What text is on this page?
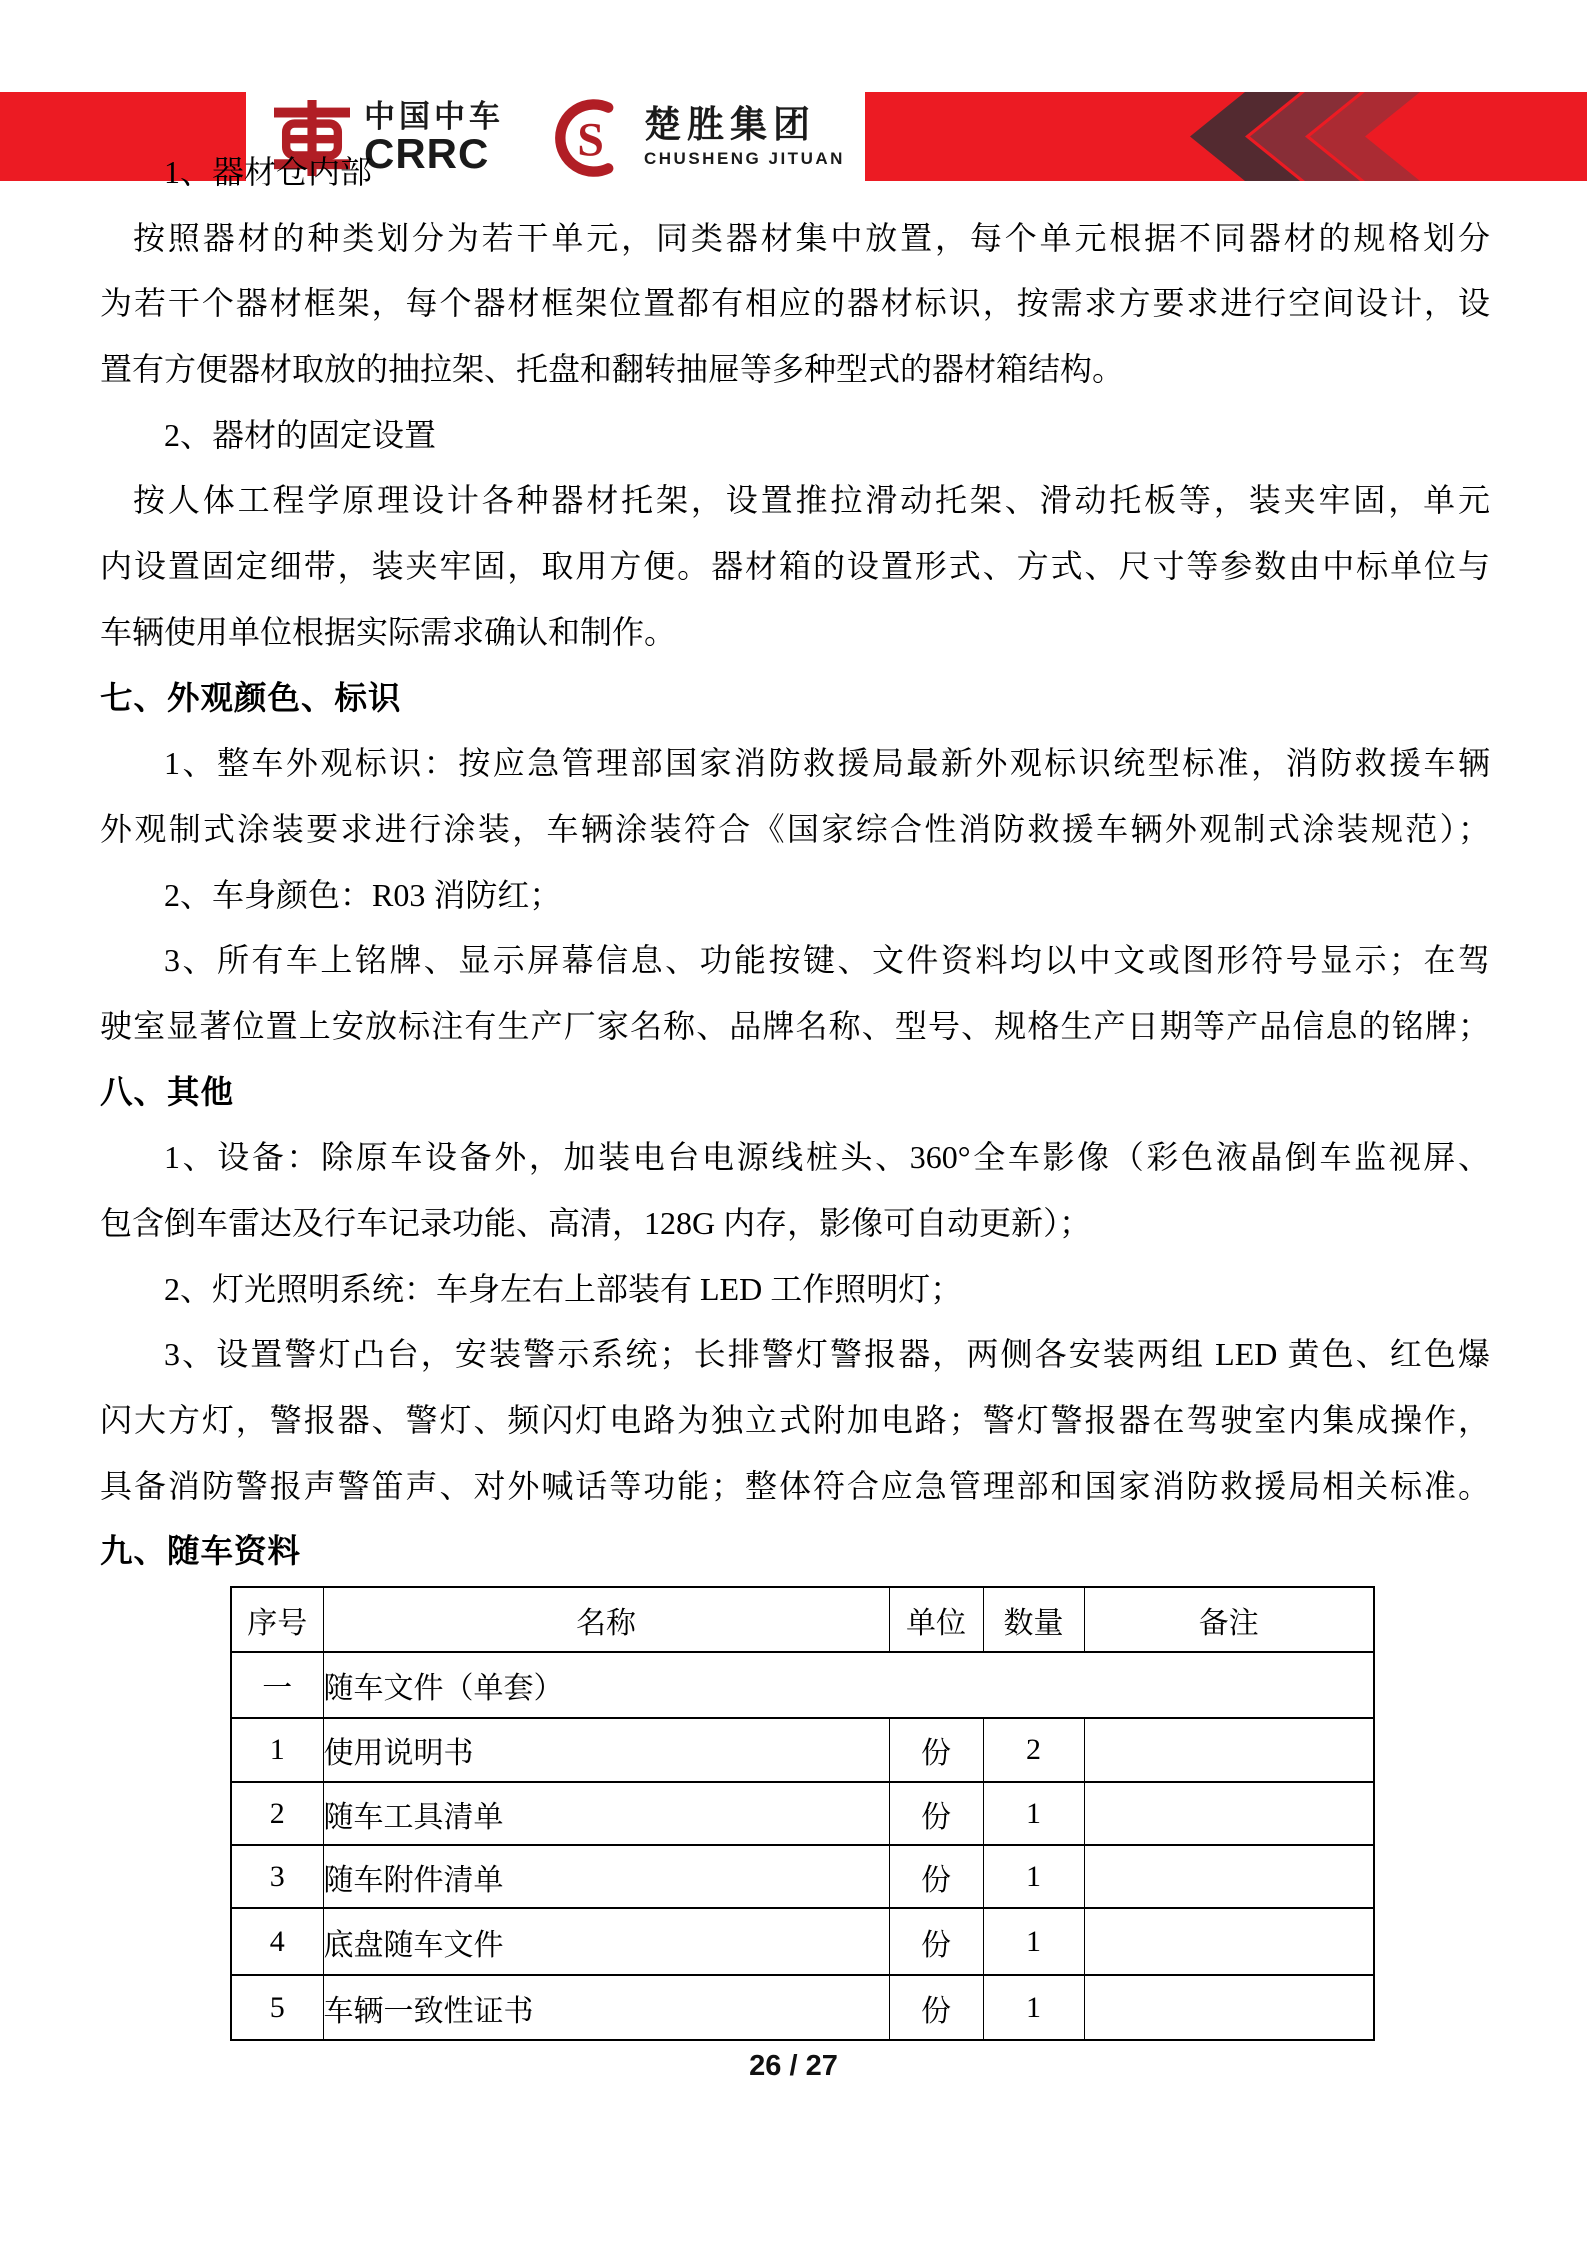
中国中车
CRRC S 楚胜集团
CHUSHENG JITUAN
1、器材仓内部
按照器材的种类划分为若干单元，同类器材集中放置，每个单元根据不同器材的规格划分
为若干个器材框架，每个器材框架位置都有相应的器材标识，按需求方要求进行空间设计，设
置有方便器材取放的抽拉架、托盘和翻转抽屉等多种型式的器材箱结构。
2、器材的固定设置
按人体工程学原理设计各种器材托架，设置推拉滑动托架、滑动托板等，装夹牢固，单元
内设置固定细带，装夹牢固，取用方便。器材箱的设置形式、方式、尺寸等参数由中标单位与
车辆使用单位根据实际需求确认和制作。
七、外观颜色、标识
1、整车外观标识：按应急管理部国家消防救援局最新外观标识统型标准，消防救援车辆
外观制式涂装要求进行涂装，车辆涂装符合《国家综合性消防救援车辆外观制式涂装规范）；
2、车身颜色：R03 消防红；
3、所有车上铭牌、显示屏幕信息、功能按键、文件资料均以中文或图形符号显示；在驾
驶室显著位置上安放标注有生产厂家名称、品牌名称、型号、规格生产日期等产品信息的铭牌；
八、其他
1、设备：除原车设备外，加装电台电源线桩头、360°全车影像（彩色液晶倒车监视屏、
包含倒车雷达及行车记录功能、高清，128G 内存，影像可自动更新）；
2、灯光照明系统：车身左右上部装有 LED 工作照明灯；
3、设置警灯凸台，安装警示系统；长排警灯警报器，两侧各安装两组 LED 黄色、红色爆
闪大方灯，警报器、警灯、频闪灯电路为独立式附加电路；警灯警报器在驾驶室内集成操作，
具备消防警报声警笛声、对外喊话等功能；整体符合应急管理部和国家消防救援局相关标准。
九、随车资料
序号	名称	单位	数量	备注
一	随车文件（单套）			
1	使用说明书	份	2	
2	随车工具清单	份	1	
3	随车附件清单	份	1	
4	底盘随车文件	份	1	
5	车辆一致性证书	份	1	
26 / 27
